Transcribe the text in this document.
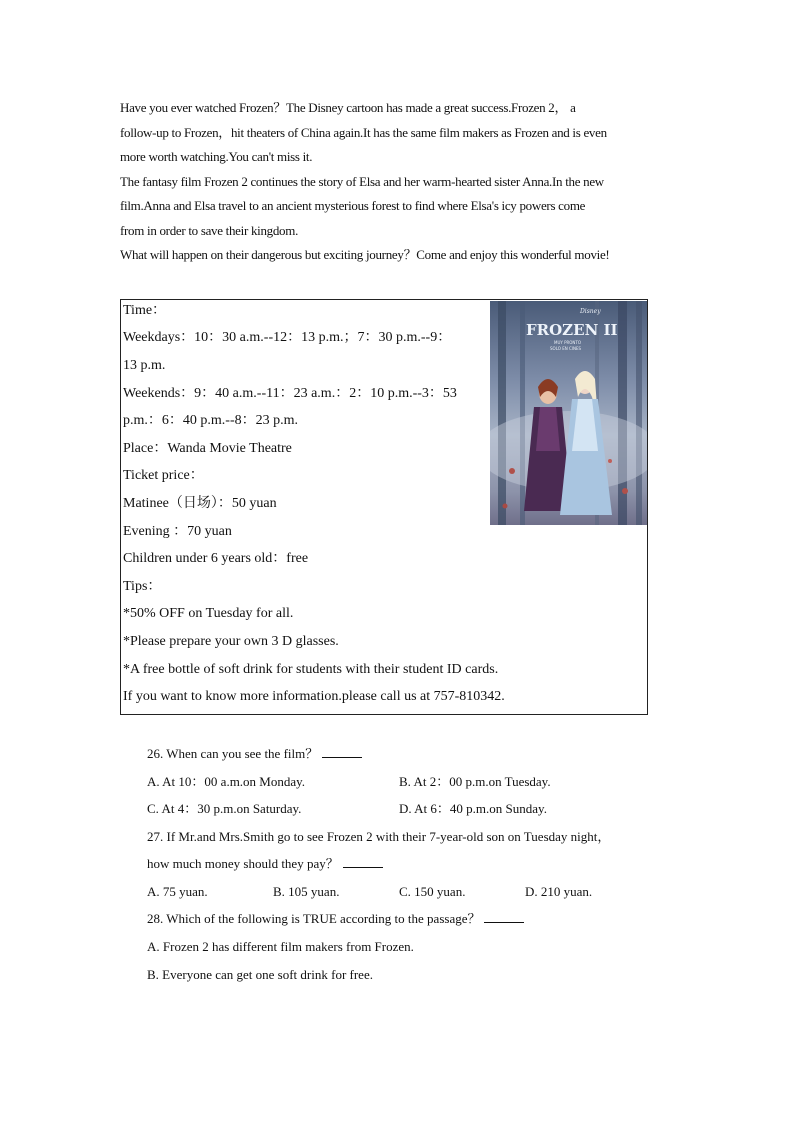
Have you ever watched Frozen？The Disney cartoon has made a great success.Frozen 2， a
follow-up to Frozen，hit theaters of China again.It has the same film makers as Frozen and is even
more worth watching.You can't miss it.
The fantasy film Frozen 2 continues the story of Elsa and her warm-hearted sister Anna.In the new
film.Anna and Elsa travel to an ancient mysterious forest to find where Elsa's icy powers come
from in order to save their kingdom.
What will happen on their dangerous but exciting journey？Come and enjoy this wonderful movie!
Time：
Weekdays：10：30 a.m.--12：13 p.m.；7：30 p.m.--9：
13 p.m.
Weekends：9：40 a.m.--11：23 a.m.：2：10 p.m.--3：53
p.m.：6：40 p.m.--8：23 p.m.
Place：Wanda Movie Theatre
Ticket price：
Matinee（日场）：50 yuan
Evening ：70 yuan
Children under 6 years old：free
Tips：
*50% OFF on Tuesday for all.
*Please prepare your own 3 D glasses.
*A free bottle of soft drink for students with their student ID cards.
If you want to know more information.please call us at 757-810342.
Disney
FROZEN II
MUY PRONTO
SOLO EN CINES
26. When can you see the film？
A. At 10：00 a.m.on Monday.	B. At 2：00 p.m.on Tuesday.
C. At 4：30 p.m.on Saturday.	D. At 6：40 p.m.on Sunday.
27. If Mr.and Mrs.Smith go to see Frozen 2 with their 7-year-old son on Tuesday night，
how much money should they pay？
A. 75 yuan.	B. 105 yuan.	C. 150 yuan.	D. 210 yuan.
28. Which of the following is TRUE according to the passage？
A. Frozen 2 has different film makers from Frozen.
B. Everyone can get one soft drink for free.
